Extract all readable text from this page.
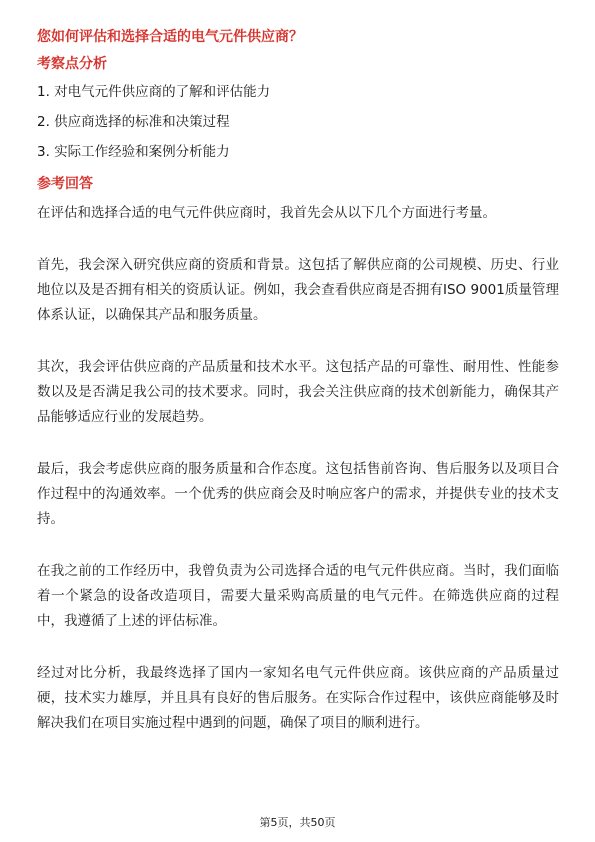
您如何评估和选择合适的电气元件供应商？
考察点分析
1. 对电气元件供应商的了解和评估能力
2. 供应商选择的标准和决策过程
3. 实际工作经验和案例分析能力
参考回答

在评估和选择合适的电气元件供应商时，我首先会从以下几个方面进行考量。

首先，我会深入研究供应商的资质和背景。这包括了解供应商的公司规模、历史、行业地位以及是否拥有相关的资质认证。例如，我会查看供应商是否拥有ISO 9001质量管理体系认证，以确保其产品和服务质量。

其次，我会评估供应商的产品质量和技术水平。这包括产品的可靠性、耐用性、性能参数以及是否满足我公司的技术要求。同时，我会关注供应商的技术创新能力，确保其产品能够适应行业的发展趋势。

最后，我会考虑供应商的服务质量和合作态度。这包括售前咨询、售后服务以及项目合作过程中的沟通效率。一个优秀的供应商会及时响应客户的需求，并提供专业的技术支持。

在我之前的工作经历中，我曾负责为公司选择合适的电气元件供应商。当时，我们面临着一个紧急的设备改造项目，需要大量采购高质量的电气元件。在筛选供应商的过程中，我遵循了上述的评估标准。

经过对比分析，我最终选择了国内一家知名电气元件供应商。该供应商的产品质量过硬，技术实力雄厚，并且具有良好的售后服务。在实际合作过程中，该供应商能够及时解决我们在项目实施过程中遇到的问题，确保了项目的顺利进行。

第5页，共50页
